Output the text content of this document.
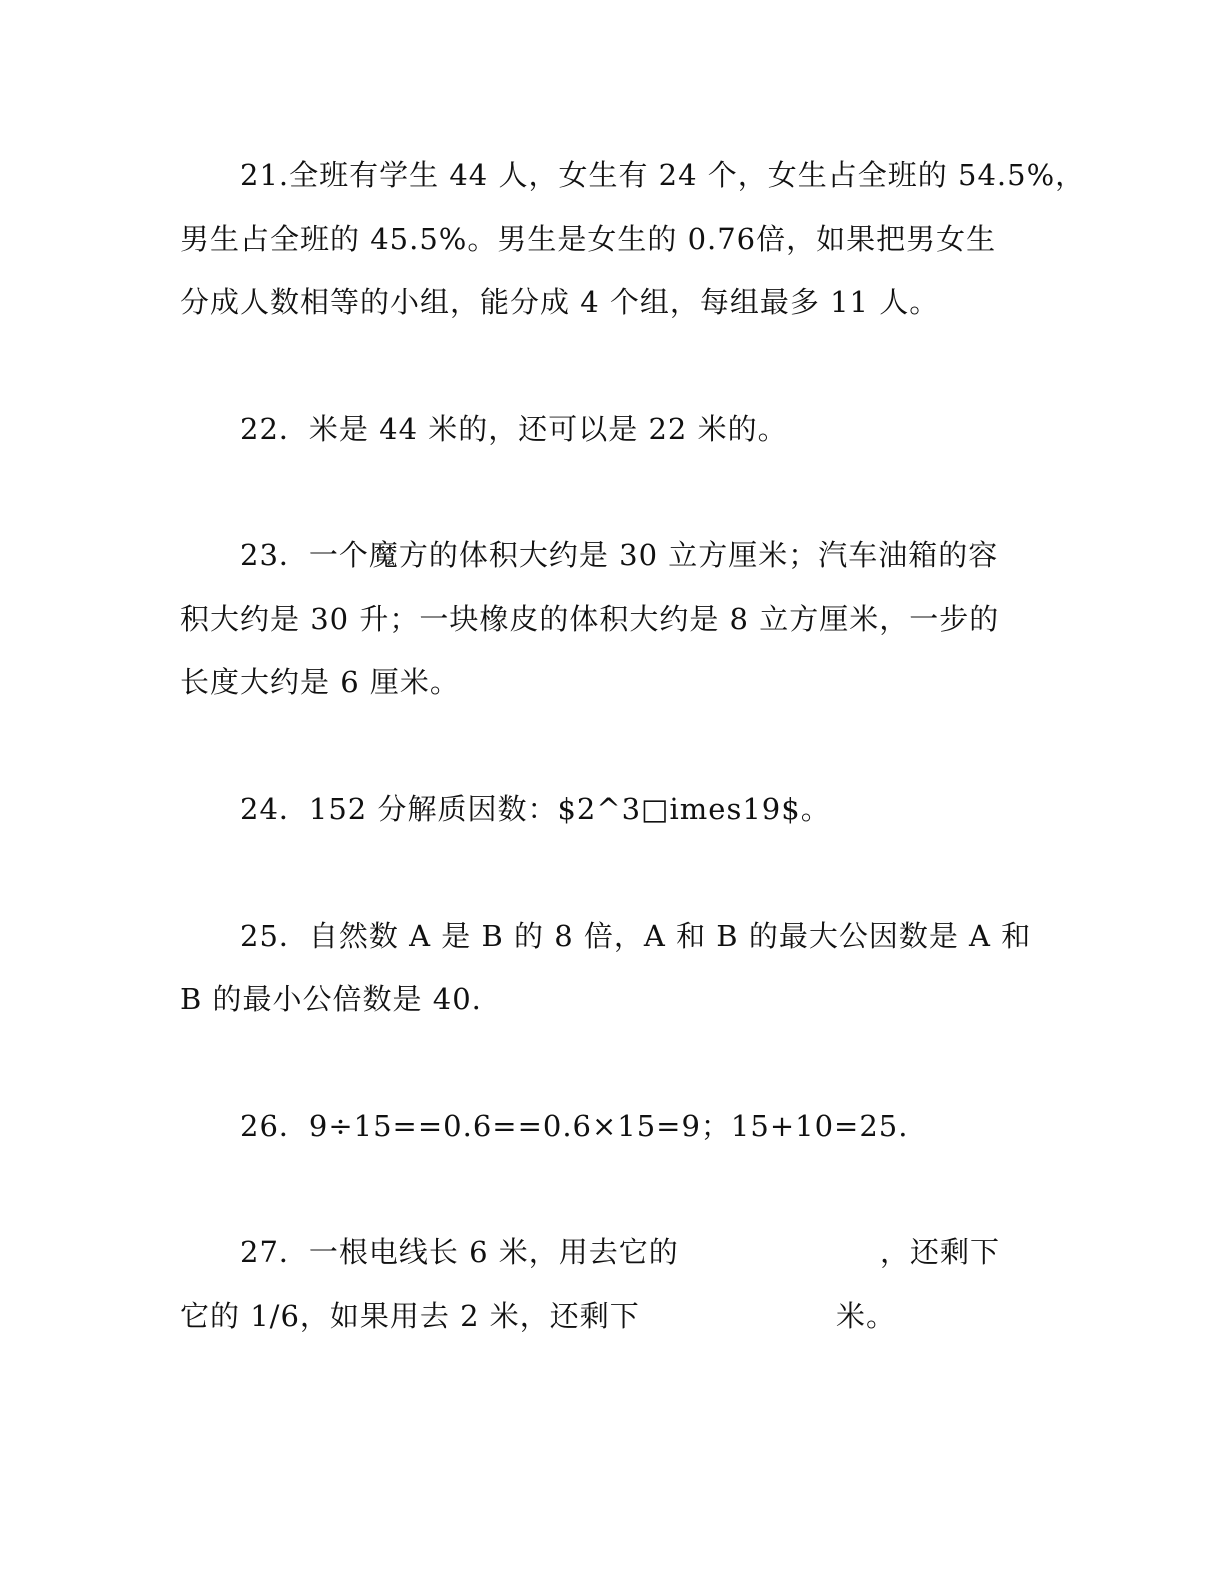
21.全班有学生 44 人，女生有 24 个，女生占全班的 54.5%，
男生占全班的 45.5%。男生是女生的 0.76倍，如果把男女生
分成人数相等的小组，能分成 4 个组，每组最多 11 人。
22．米是 44 米的，还可以是 22 米的。
23．一个魔方的体积大约是 30 立方厘米；汽车油箱的容
积大约是 30 升；一块橡皮的体积大约是 8 立方厘米，一步的
长度大约是 6 厘米。
24．152 分解质因数：$2^3□imes19$。
25．自然数 A 是 B 的 8 倍，A 和 B 的最大公因数是 A 和
B 的最小公倍数是 40.
26．9÷15==0.6==0.6×15=9；15+10=25.
27．一根电线长 6 米，用去它的	，还剩下
它的 1/6，如果用去 2 米，还剩下	米。
